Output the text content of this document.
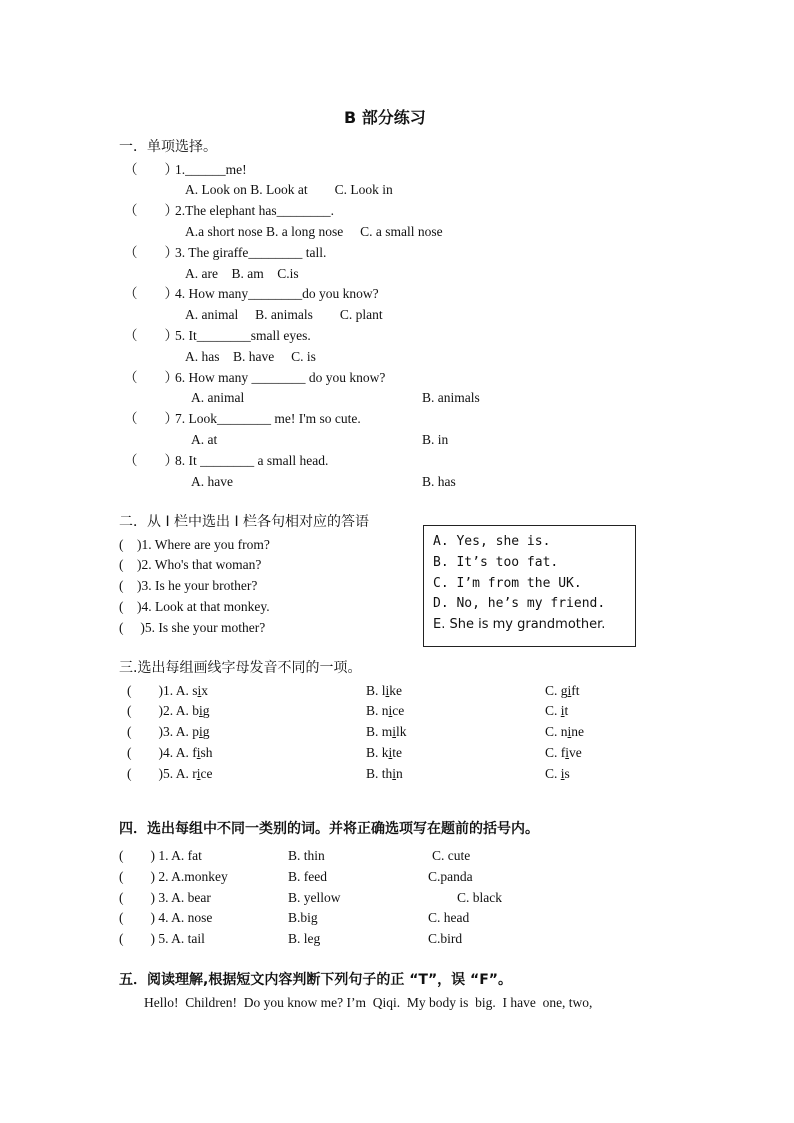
B 部分练习
一．单项选择。
（　　）
1.______me!
A. Look on B. Look at　　C. Look in
（　　）
2.The elephant has________.
A.a short nose B. a long nose　 C. a small nose
（　　）
3. The giraffe________ tall.
A. are　B. am　C.is
（　　）
4. How many________do you know?
A. animal　 B. animals　　C. plant
（　　）
5. It________small eyes.
A. has　B. have　 C. is
（　　）
6. How many ________ do you know?
A. animal	B. animals
（　　）
7. Look________ me! I'm so cute.
A. at	B. in
（　　）
8. It ________ a small head.
A. have	B. has
二．从 I 栏中选出 I 栏各句相对应的答语
(　)1. Where are you from?
(　)2. Who's that woman?
(　)3. Is he your brother?
(　)4. Look at that monkey.
(　 )5. Is she your mother?
A. Yes, she is.
B. It’s too fat.
C. I’m from the UK.
D. No, he’s my friend.
E. She is my grandmother.
三.选出每组画线字母发音不同的一项。
(　　)1. A. six	B. like	C. gift
(　　)2. A. big	B. nice	C. it
(　　)3. A. pig	B. milk	C. nine
(　　)4. A. fish	B. kite	C. five
(　　)5. A. rice	B. thin	C. is
四．选出每组中不同一类别的词。并将正确选项写在题前的括号内。
(　　) 1. A. fat	B. thin	C. cute
(　　) 2. A.monkey	B. feed	C.panda
(　　) 3. A. bear	B. yellow	C. black
(　　) 4. A. nose	B.big	C. head
(　　) 5. A. tail	B. leg	C.bird
五．阅读理解,根据短文内容判断下列句子的正 “T”，误 “F”。
Hello!  Children!  Do you know me? I’m  Qiqi.  My body is  big.  I have  one, two,
